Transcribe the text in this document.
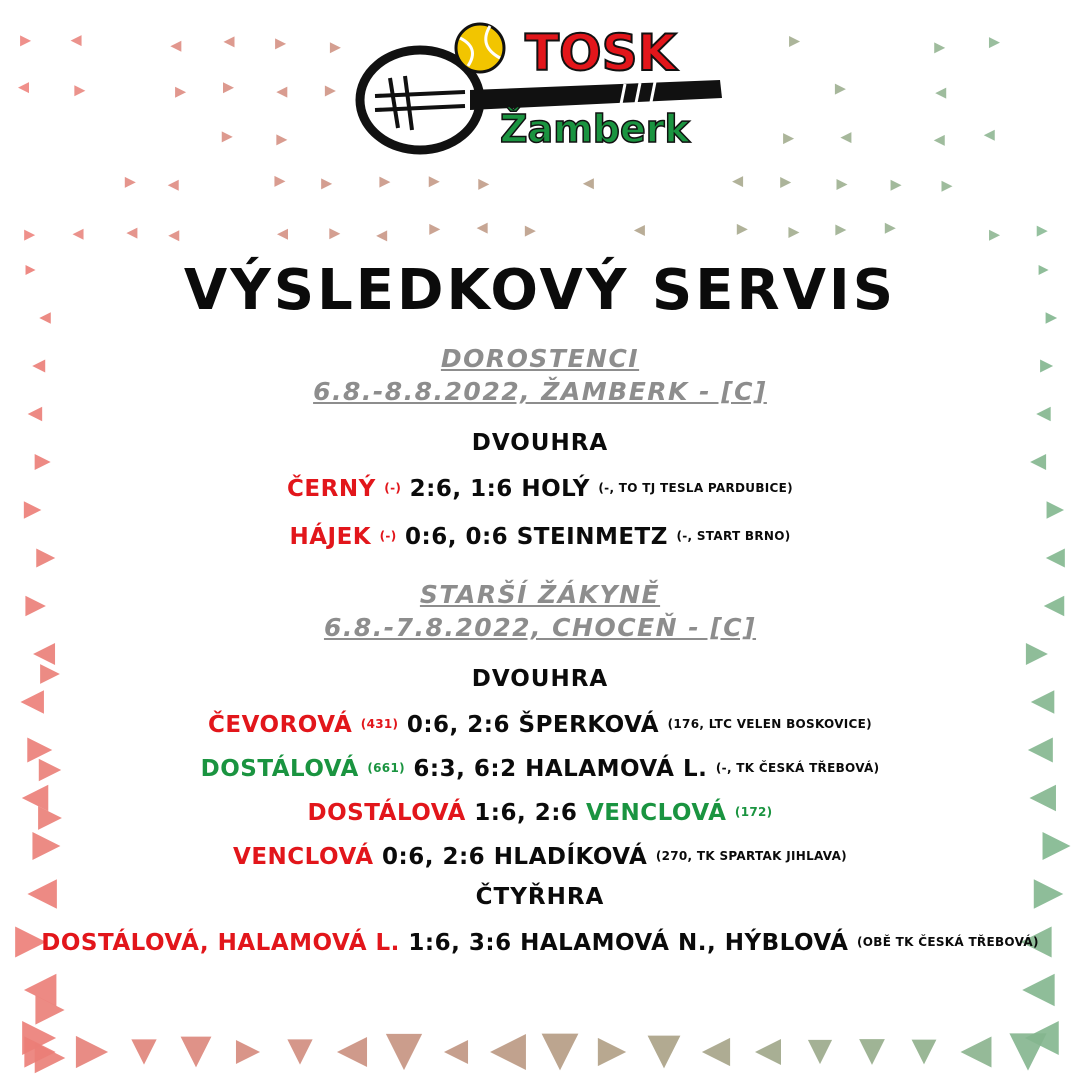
TOSK
Žamberk
VÝSLEDKOVÝ SERVIS
DOROSTENCI
6.8.-8.8.2022, ŽAMBERK - [C]
DVOUHRA
ČERNÝ (-) 2:6, 1:6 HOLÝ (-, TO TJ TESLA PARDUBICE)
HÁJEK (-) 0:6, 0:6 STEINMETZ (-, START BRNO)
STARŠÍ ŽÁKYNĚ
6.8.-7.8.2022, CHOCEŇ - [C]
DVOUHRA
ČEVOROVÁ (431) 0:6, 2:6 ŠPERKOVÁ (176, LTC VELEN BOSKOVICE)
DOSTÁLOVÁ (661) 6:3, 6:2 HALAMOVÁ L. (-, TK ČESKÁ TŘEBOVÁ)
DOSTÁLOVÁ 1:6, 2:6 VENCLOVÁ (172)
VENCLOVÁ 0:6, 2:6 HLADÍKOVÁ (270, TK SPARTAK JIHLAVA)
ČTYŘHRA
DOSTÁLOVÁ, HALAMOVÁ L. 1:6, 3:6 HALAMOVÁ N., HÝBLOVÁ (OBĚ TK ČESKÁ TŘEBOVÁ)
